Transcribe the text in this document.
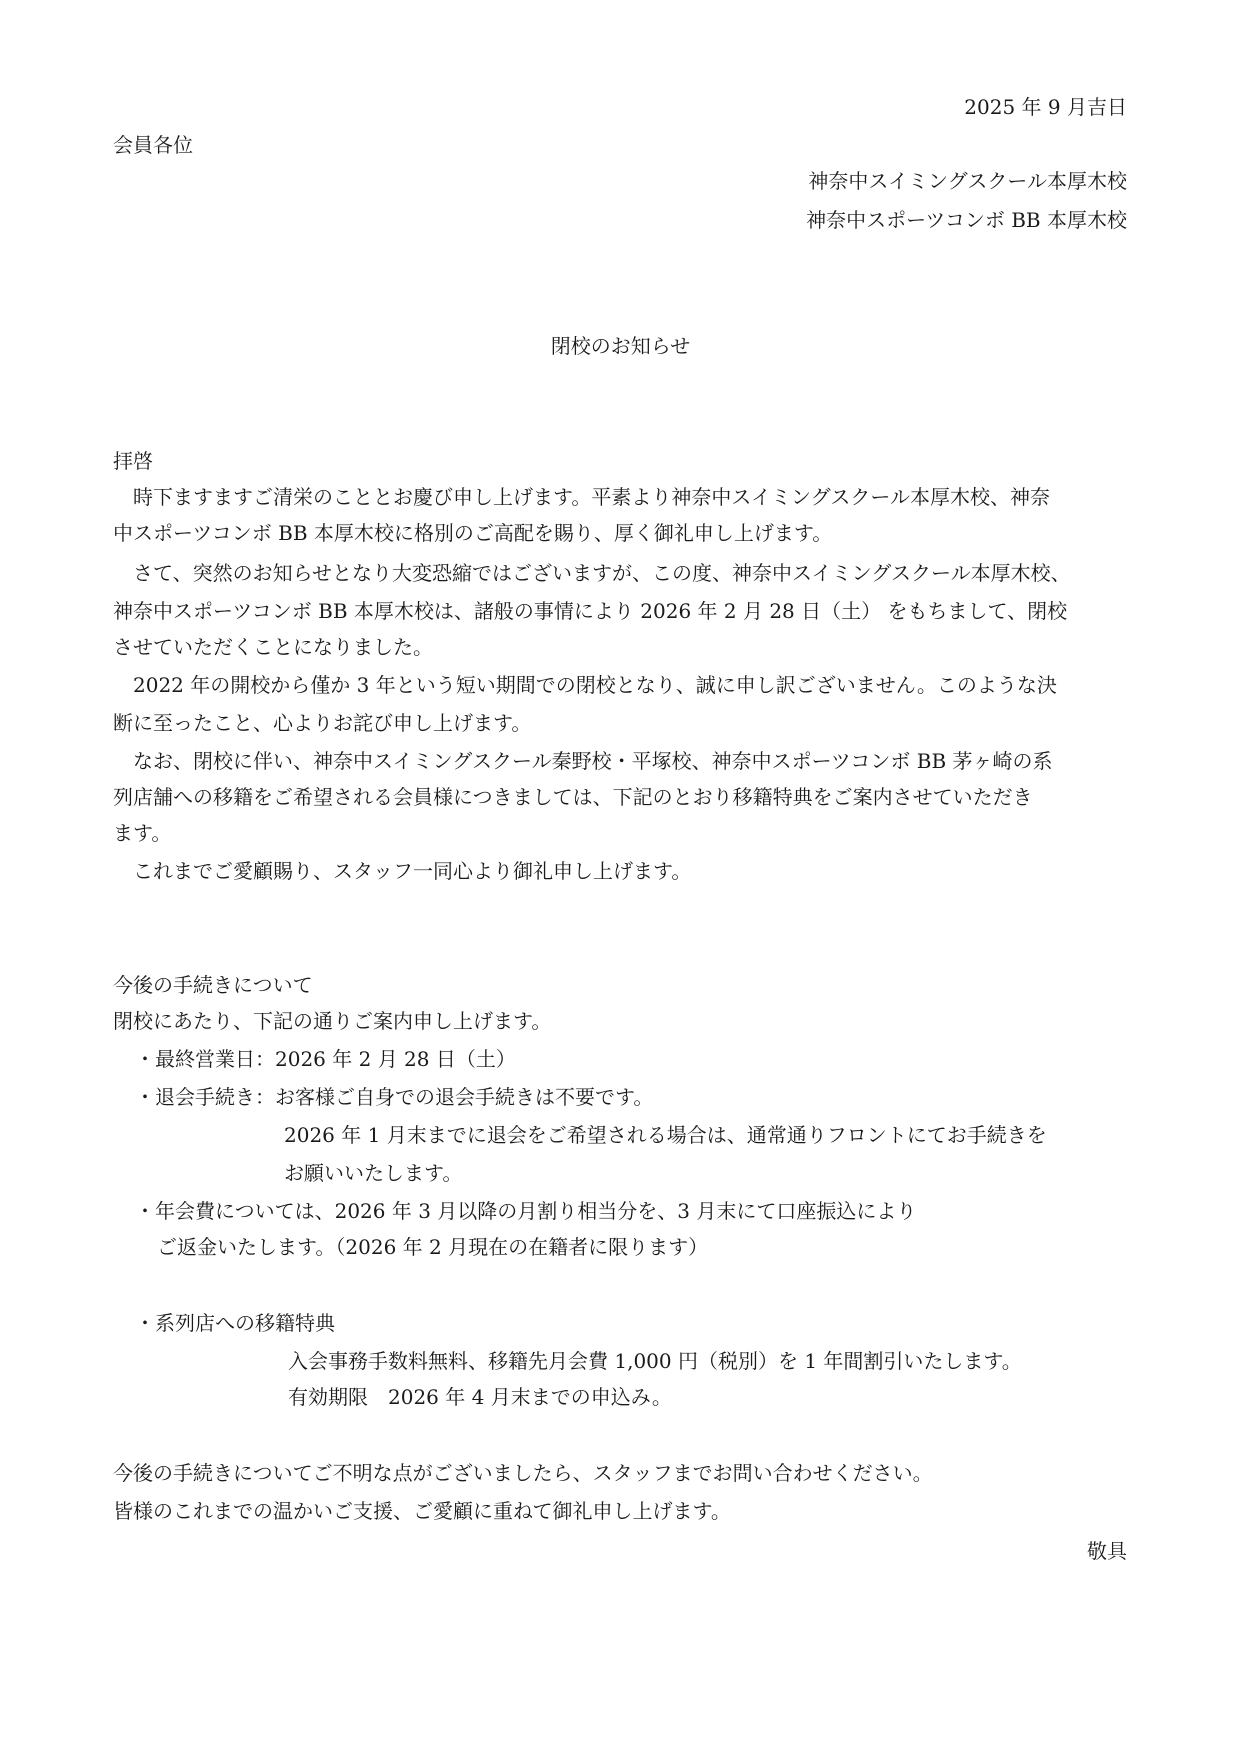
2025 年 9 月吉日
会員各位
神奈中スイミングスクール本厚木校
神奈中スポーツコンボ BB 本厚木校
閉校のお知らせ
拝啓
　時下ますますご清栄のこととお慶び申し上げます。平素より神奈中スイミングスクール本厚木校、神奈
中スポーツコンボ BB 本厚木校に格別のご高配を賜り、厚く御礼申し上げます。
　さて、突然のお知らせとなり大変恐縮ではございますが、この度、神奈中スイミングスクール本厚木校、
神奈中スポーツコンボ BB 本厚木校は、諸般の事情により 2026 年 2 月 28 日（土） をもちまして、閉校
させていただくことになりました。
　2022 年の開校から僅か 3 年という短い期間での閉校となり、誠に申し訳ございません。このような決
断に至ったこと、心よりお詫び申し上げます。
　なお、閉校に伴い、神奈中スイミングスクール秦野校・平塚校、神奈中スポーツコンボ BB 茅ヶ崎の系
列店舗への移籍をご希望される会員様につきましては、下記のとおり移籍特典をご案内させていただき
ます。
　これまでご愛顧賜り、スタッフ一同心より御礼申し上げます。
今後の手続きについて
閉校にあたり、下記の通りご案内申し上げます。
・最終営業日：2026 年 2 月 28 日（土）
・退会手続き：お客様ご自身での退会手続きは不要です。
2026 年 1 月末までに退会をご希望される場合は、通常通りフロントにてお手続きを
お願いいたします。
・年会費については、2026 年 3 月以降の月割り相当分を、3 月末にて口座振込により
ご返金いたします。（2026 年 2 月現在の在籍者に限ります）
・系列店への移籍特典
入会事務手数料無料、移籍先月会費 1,000 円（税別）を 1 年間割引いたします。
有効期限　2026 年 4 月末までの申込み。
今後の手続きについてご不明な点がございましたら、スタッフまでお問い合わせください。
皆様のこれまでの温かいご支援、ご愛顧に重ねて御礼申し上げます。
敬具
